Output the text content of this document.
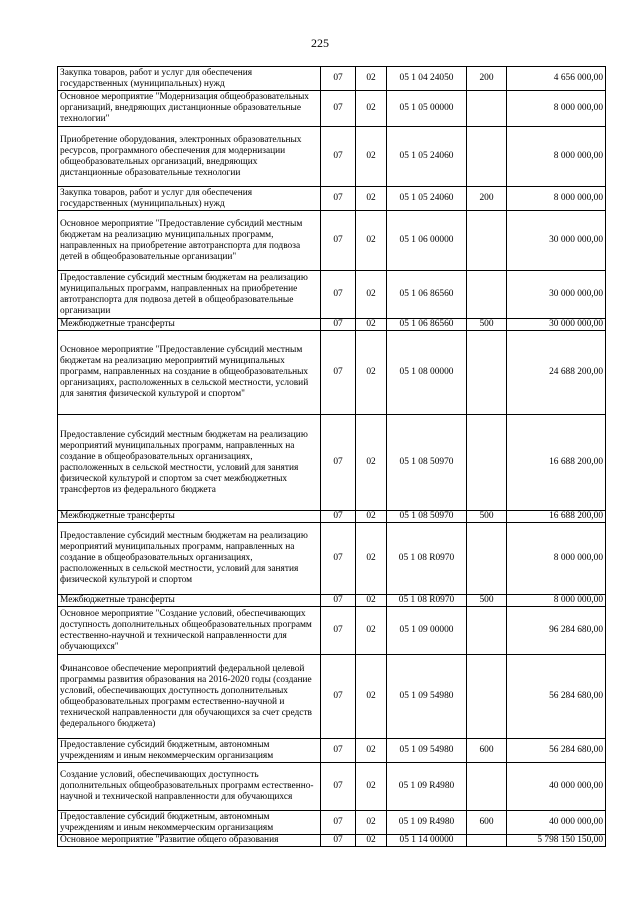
225
Закупка товаров, работ и услуг для обеспечения государственных (муниципальных) нужд	07	02	05 1 04 24050	200	4 656 000,00
Основное мероприятие "Модернизация общеобразовательных организаций, внедряющих дистанционные образовательные технологии"	07	02	05 1 05 00000		8 000 000,00
Приобретение оборудования, электронных образовательных ресурсов, программного обеспечения для модернизации общеобразовательных организаций, внедряющих дистанционные образовательные технологии	07	02	05 1 05 24060		8 000 000,00
Закупка товаров, работ и услуг для обеспечения государственных (муниципальных) нужд	07	02	05 1 05 24060	200	8 000 000,00
Основное мероприятие "Предоставление субсидий местным бюджетам на реализацию муниципальных программ, направленных на приобретение автотранспорта для подвоза детей в общеобразовательные организации"	07	02	05 1 06 00000		30 000 000,00
Предоставление субсидий местным бюджетам на реализацию муниципальных программ, направленных на приобретение автотранспорта для подвоза детей в общеобразовательные организации	07	02	05 1 06 86560		30 000 000,00
Межбюджетные трансферты	07	02	05 1 06 86560	500	30 000 000,00
Основное мероприятие "Предоставление субсидий местным бюджетам на реализацию мероприятий муниципальных программ, направленных на создание в общеобразовательных организациях, расположенных в сельской местности, условий для занятия физической культурой и спортом"	07	02	05 1 08 00000		24 688 200,00
Предоставление субсидий местным бюджетам на реализацию мероприятий муниципальных программ, направленных на создание в общеобразовательных организациях, расположенных в сельской местности, условий для занятия физической культурой и спортом за счет межбюджетных трансфертов из федерального бюджета	07	02	05 1 08 50970		16 688 200,00
Межбюджетные трансферты	07	02	05 1 08 50970	500	16 688 200,00
Предоставление субсидий местным бюджетам на реализацию мероприятий муниципальных программ, направленных на создание в общеобразовательных организациях, расположенных в сельской местности, условий для занятия физической культурой и спортом	07	02	05 1 08 R0970		8 000 000,00
Межбюджетные трансферты	07	02	05 1 08 R0970	500	8 000 000,00
Основное мероприятие "Создание условий, обеспечивающих доступность дополнительных общеобразовательных программ естественно-научной и технической направленности для обучающихся"	07	02	05 1 09 00000		96 284 680,00
Финансовое обеспечение мероприятий федеральной целевой программы развития образования на 2016-2020 годы (создание условий, обеспечивающих доступность дополнительных общеобразовательных программ естественно-научной и технической направленности для обучающихся за счет средств федерального бюджета)	07	02	05 1 09 54980		56 284 680,00
Предоставление субсидий бюджетным, автономным учреждениям и иным некоммерческим организациям	07	02	05 1 09 54980	600	56 284 680,00
Создание условий, обеспечивающих доступность дополнительных общеобразовательных программ естественно-научной и технической направленности для обучающихся	07	02	05 1 09 R4980		40 000 000,00
Предоставление субсидий бюджетным, автономным учреждениям и иным некоммерческим организациям	07	02	05 1 09 R4980	600	40 000 000,00
Основное мероприятие "Развитие общего образования	07	02	05 1 14 00000		5 798 150 150,00
